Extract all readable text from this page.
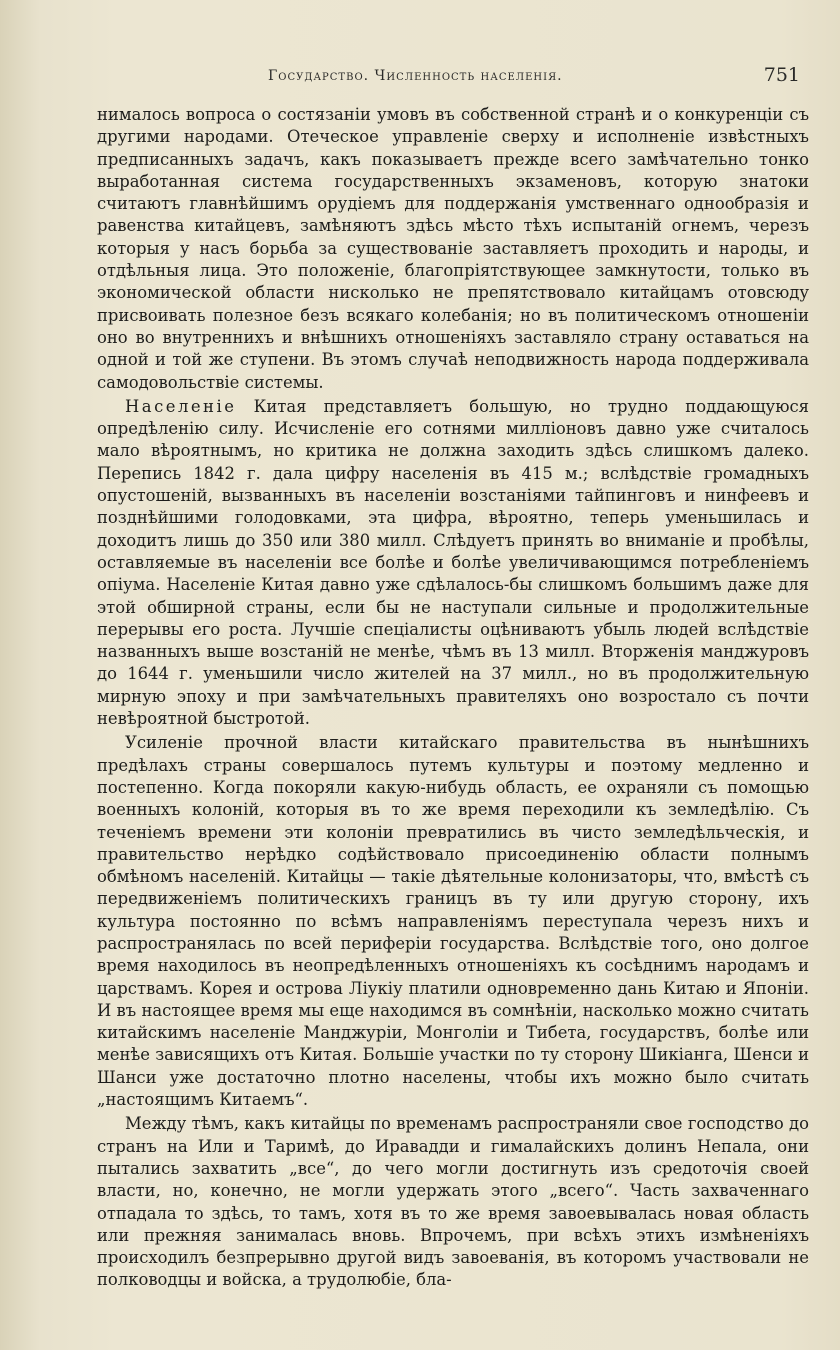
Государство. Численность населенія.	751

нималось вопроса о состязаніи умовъ въ собственной странѣ и о конкуренціи съ другими народами. Отеческое управленіе сверху и исполненіе извѣстныхъ предписанныхъ задачъ, какъ показываетъ прежде всего замѣчательно тонко выработанная система государственныхъ экзаменовъ, которую знатоки считаютъ главнѣйшимъ орудіемъ для поддержанія умственнаго однообразія и равенства китайцевъ, замѣняютъ здѣсь мѣсто тѣхъ испытаній огнемъ, черезъ которыя у насъ борьба за существованіе заставляетъ проходить и народы, и отдѣльныя лица. Это положеніе, благопріятствующее замкнутости, только въ экономической области нисколько не препятствовало китайцамъ отовсюду присвоивать полезное безъ всякаго колебанія; но въ политическомъ отношеніи оно во внутреннихъ и внѣшнихъ отношеніяхъ заставляло страну оставаться на одной и той же ступени. Въ этомъ случаѣ неподвижность народа поддерживала самодовольствіе системы.

Населеніе Китая представляетъ большую, но трудно поддающуюся опредѣленію силу. Исчисленіе его сотнями милліоновъ давно уже считалось мало вѣроятнымъ, но критика не должна заходить здѣсь слишкомъ далеко. Перепись 1842 г. дала цифру населенія въ 415 м.; вслѣдствіе громадныхъ опустошеній, вызванныхъ въ населеніи возстаніями тайпинговъ и нинфеевъ и позднѣйшими голодовками, эта цифра, вѣроятно, теперь уменьшилась и доходитъ лишь до 350 или 380 милл. Слѣдуетъ принять во вниманіе и пробѣлы, оставляемые въ населеніи все болѣе и болѣе увеличивающимся потребленіемъ опіума. Населеніе Китая давно уже сдѣлалось-бы слишкомъ большимъ даже для этой обширной страны, если бы не наступали сильные и продолжительные перерывы его роста. Лучшіе спеціалисты оцѣниваютъ убыль людей вслѣдствіе названныхъ выше возстаній не менѣе, чѣмъ въ 13 милл. Вторженія манджуровъ до 1644 г. уменьшили число жителей на 37 милл., но въ продолжительную мирную эпоху и при замѣчательныхъ правителяхъ оно возростало съ почти невѣроятной быстротой.

Усиленіе прочной власти китайскаго правительства въ нынѣшнихъ предѣлахъ страны совершалось путемъ культуры и поэтому медленно и постепенно. Когда покоряли какую-нибудь область, ее охраняли съ помощью военныхъ колоній, которыя въ то же время переходили къ земледѣлію. Съ теченіемъ времени эти колоніи превратились въ чисто земледѣльческія, и правительство нерѣдко содѣйствовало присоединенію области полнымъ обмѣномъ населеній. Китайцы — такіе дѣятельные колонизаторы, что, вмѣстѣ съ передвиженіемъ политическихъ границъ въ ту или другую сторону, ихъ культура постоянно по всѣмъ направленіямъ переступала черезъ нихъ и распространялась по всей периферіи государства. Вслѣдствіе того, оно долгое время находилось въ неопредѣленныхъ отношеніяхъ къ сосѣднимъ народамъ и царствамъ. Корея и острова Ліукіу платили одновременно дань Китаю и Японіи. И въ настоящее время мы еще находимся въ сомнѣніи, насколько можно считать китайскимъ населеніе Манджуріи, Монголіи и Тибета, государствъ, болѣе или менѣе зависящихъ отъ Китая. Большіе участки по ту сторону Шикіанга, Шенси и Шанси уже достаточно плотно населены, чтобы ихъ можно было считать „настоящимъ Китаемъ“.

Между тѣмъ, какъ китайцы по временамъ распространяли свое господство до странъ на Или и Таримѣ, до Иравадди и гималайскихъ долинъ Непала, они пытались захватить „все“, до чего могли достигнуть изъ средоточія своей власти, но, конечно, не могли удержать этого „всего“. Часть захваченнаго отпадала то здѣсь, то тамъ, хотя въ то же время завоевывалась новая область или прежняя занималась вновь. Впрочемъ, при всѣхъ этихъ измѣненіяхъ происходилъ безпрерывно другой видъ завоеванія, въ которомъ участвовали не полководцы и войска, а трудолюбіе, бла-
